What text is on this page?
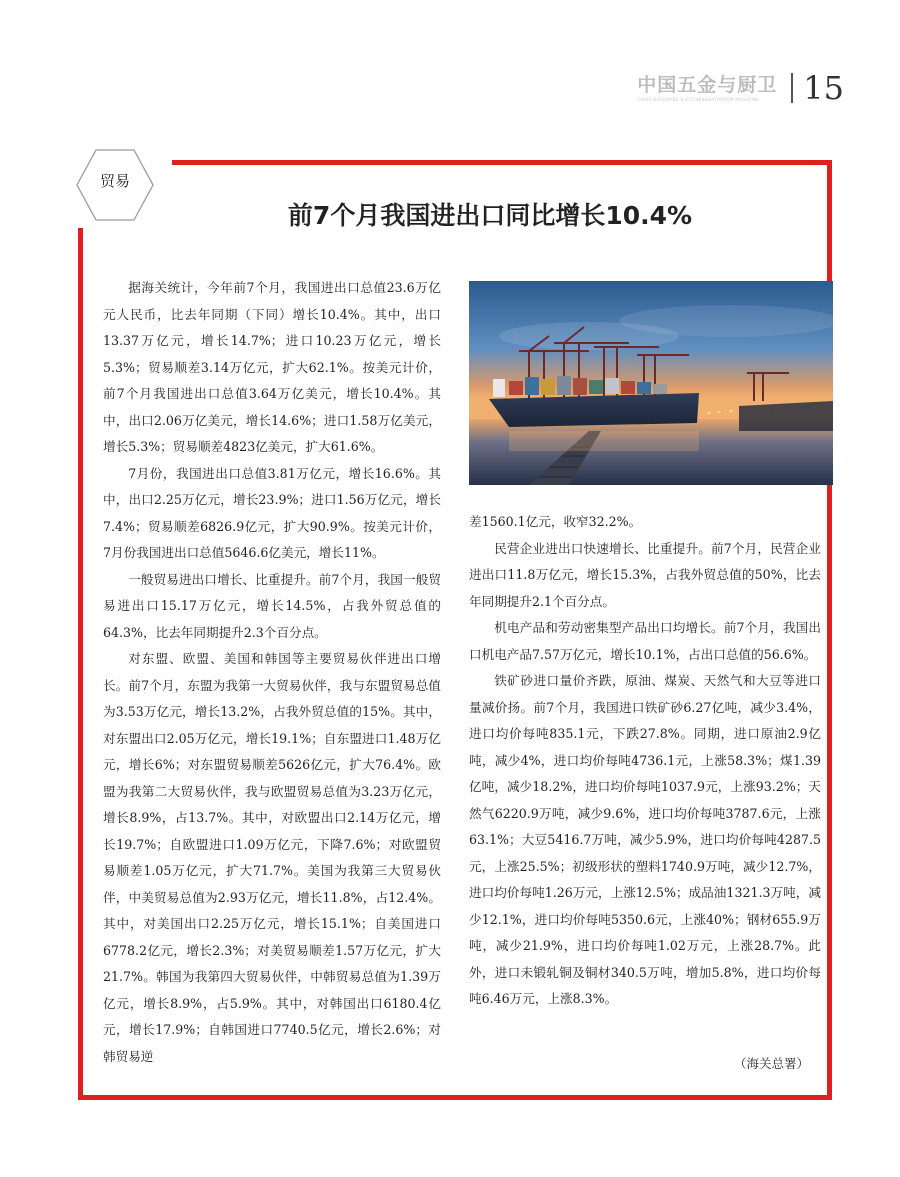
中国五金与厨卫
CHINA HARDWARE & KITCHEN&BATHROOM MAGAZINE 15
贸易
前7个月我国进出口同比增长10.4%

据海关统计，今年前7个月，我国进出口总值23.6万亿元人民币，比去年同期（下同）增长10.4%。其中，出口13.37万亿元，增长14.7%；进口10.23万亿元，增长5.3%；贸易顺差3.14万亿元，扩大62.1%。按美元计价，前7个月我国进出口总值3.64万亿美元，增长10.4%。其中，出口2.06万亿美元，增长14.6%；进口1.58万亿美元，增长5.3%；贸易顺差4823亿美元，扩大61.6%。

7月份，我国进出口总值3.81万亿元，增长16.6%。其中，出口2.25万亿元，增长23.9%；进口1.56万亿元，增长7.4%；贸易顺差6826.9亿元，扩大90.9%。按美元计价，7月份我国进出口总值5646.6亿美元，增长11%。

一般贸易进出口增长、比重提升。前7个月，我国一般贸易进出口15.17万亿元，增长14.5%，占我外贸总值的64.3%，比去年同期提升2.3个百分点。

对东盟、欧盟、美国和韩国等主要贸易伙伴进出口增长。前7个月，东盟为我第一大贸易伙伴，我与东盟贸易总值为3.53万亿元，增长13.2%，占我外贸总值的15%。其中，对东盟出口2.05万亿元，增长19.1%；自东盟进口1.48万亿元，增长6%；对东盟贸易顺差5626亿元，扩大76.4%。欧盟为我第二大贸易伙伴，我与欧盟贸易总值为3.23万亿元，增长8.9%，占13.7%。其中，对欧盟出口2.14万亿元，增长19.7%；自欧盟进口1.09万亿元，下降7.6%；对欧盟贸易顺差1.05万亿元，扩大71.7%。美国为我第三大贸易伙伴，中美贸易总值为2.93万亿元，增长11.8%，占12.4%。其中，对美国出口2.25万亿元，增长15.1%；自美国进口6778.2亿元，增长2.3%；对美贸易顺差1.57万亿元，扩大21.7%。韩国为我第四大贸易伙伴，中韩贸易总值为1.39万亿元，增长8.9%，占5.9%。其中，对韩国出口6180.4亿元，增长17.9%；自韩国进口7740.5亿元，增长2.6%；对韩贸易逆

差1560.1亿元，收窄32.2%。

民营企业进出口快速增长、比重提升。前7个月，民营企业进出口11.8万亿元，增长15.3%，占我外贸总值的50%，比去年同期提升2.1个百分点。

机电产品和劳动密集型产品出口均增长。前7个月，我国出口机电产品7.57万亿元，增长10.1%，占出口总值的56.6%。

铁矿砂进口量价齐跌，原油、煤炭、天然气和大豆等进口量减价扬。前7个月，我国进口铁矿砂6.27亿吨，减少3.4%，进口均价每吨835.1元，下跌27.8%。同期，进口原油2.9亿吨，减少4%，进口均价每吨4736.1元，上涨58.3%；煤1.39亿吨，减少18.2%，进口均价每吨1037.9元，上涨93.2%；天然气6220.9万吨，减少9.6%，进口均价每吨3787.6元，上涨63.1%；大豆5416.7万吨，减少5.9%，进口均价每吨4287.5元，上涨25.5%；初级形状的塑料1740.9万吨，减少12.7%，进口均价每吨1.26万元，上涨12.5%；成品油1321.3万吨，减少12.1%，进口均价每吨5350.6元，上涨40%；钢材655.9万吨，减少21.9%，进口均价每吨1.02万元，上涨28.7%。此外，进口未锻轧铜及铜材340.5万吨，增加5.8%，进口均价每吨6.46万元，上涨8.3%。

（海关总署）
